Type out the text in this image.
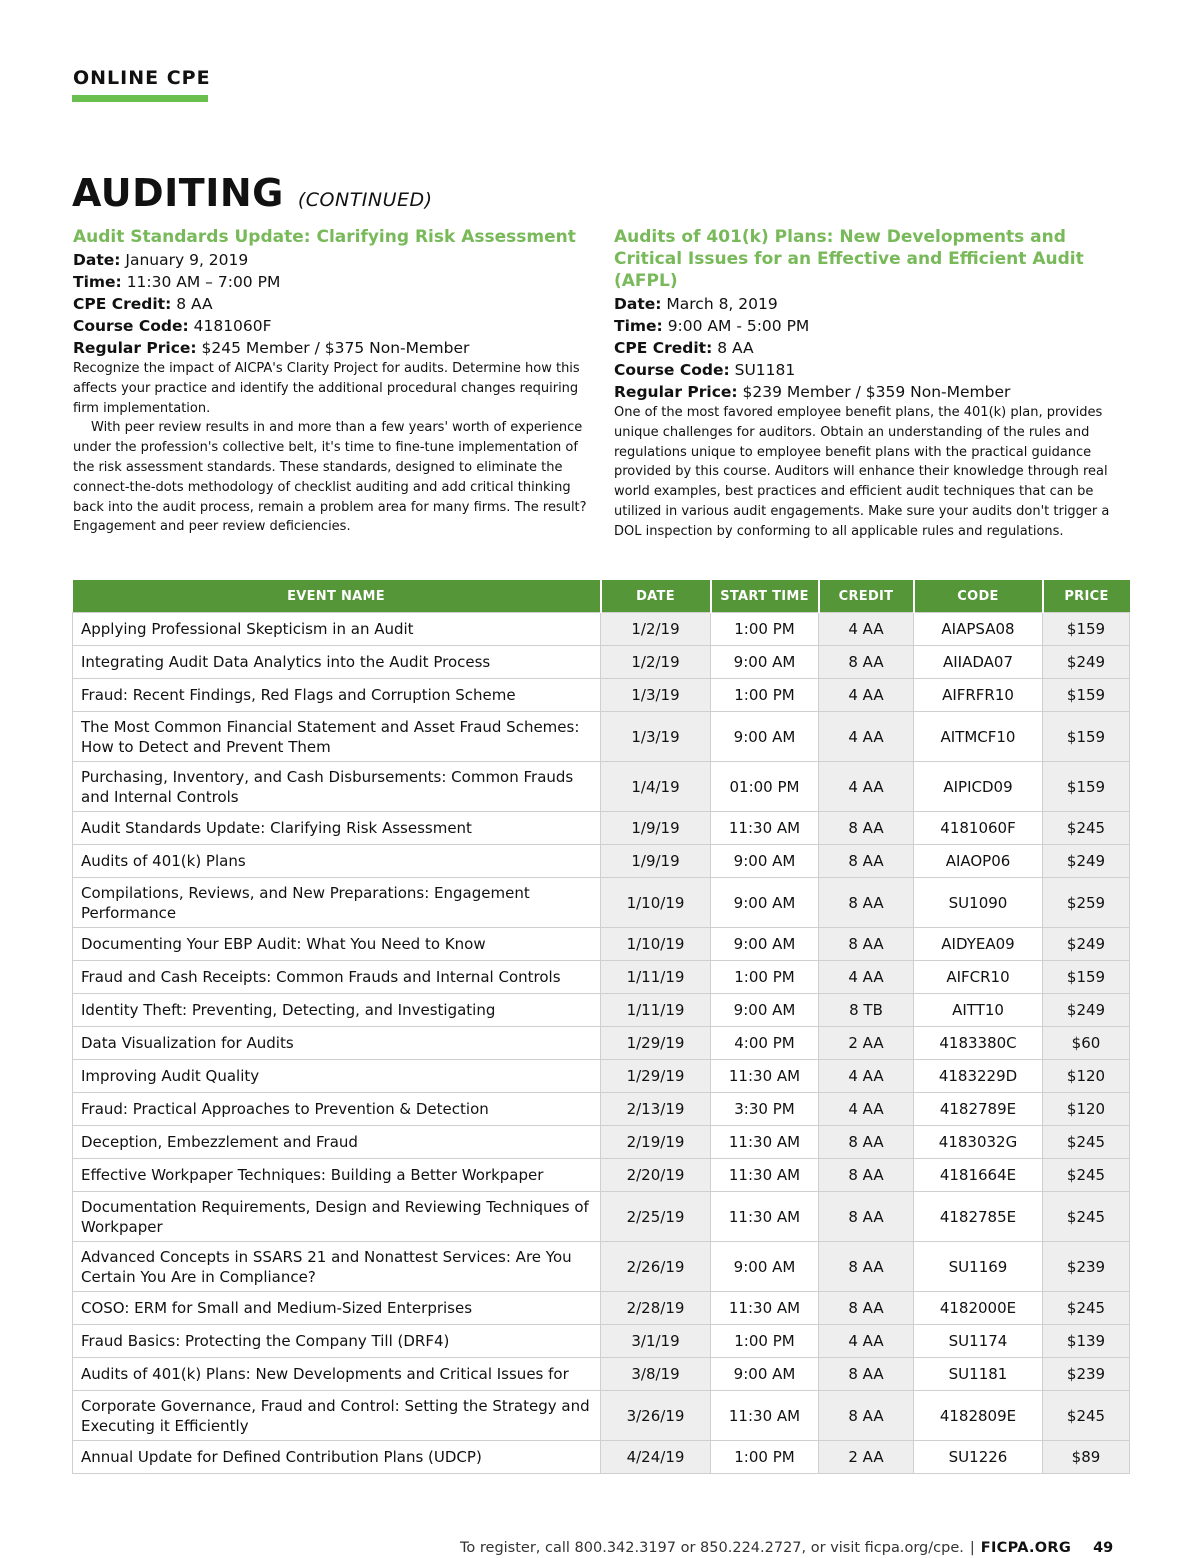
ONLINE CPE
AUDITING (CONTINUED)
Audit Standards Update: Clarifying Risk Assessment
Date: January 9, 2019
Time: 11:30 AM – 7:00 PM
CPE Credit: 8 AA
Course Code: 4181060F
Regular Price: $245 Member / $375 Non-Member

Recognize the impact of AICPA's Clarity Project for audits. Determine how this affects your practice and identify the additional procedural changes requiring firm implementation.

With peer review results in and more than a few years' worth of experience under the profession's collective belt, it's time to fine-tune implementation of the risk assessment standards. These standards, designed to eliminate the connect-the-dots methodology of checklist auditing and add critical thinking back into the audit process, remain a problem area for many firms. The result? Engagement and peer review deficiencies.

Audits of 401(k) Plans: New Developments and Critical Issues for an Effective and Efficient Audit (AFPL)
Date: March 8, 2019
Time: 9:00 AM - 5:00 PM
CPE Credit: 8 AA
Course Code: SU1181
Regular Price: $239 Member / $359 Non-Member

One of the most favored employee benefit plans, the 401(k) plan, provides unique challenges for auditors. Obtain an understanding of the rules and regulations unique to employee benefit plans with the practical guidance provided by this course. Auditors will enhance their knowledge through real world examples, best practices and efficient audit techniques that can be utilized in various audit engagements. Make sure your audits don't trigger a DOL inspection by conforming to all applicable rules and regulations.

EVENT NAME	DATE	START TIME	CREDIT	CODE	PRICE
Applying Professional Skepticism in an Audit	1/2/19	1:00 PM	4 AA	AIAPSA08	$159
Integrating Audit Data Analytics into the Audit Process	1/2/19	9:00 AM	8 AA	AIIADA07	$249
Fraud: Recent Findings, Red Flags and Corruption Scheme	1/3/19	1:00 PM	4 AA	AIFRFR10	$159
The Most Common Financial Statement and Asset Fraud Schemes: How to Detect and Prevent Them	1/3/19	9:00 AM	4 AA	AITMCF10	$159
Purchasing, Inventory, and Cash Disbursements: Common Frauds and Internal Controls	1/4/19	01:00 PM	4 AA	AIPICD09	$159
Audit Standards Update: Clarifying Risk Assessment	1/9/19	11:30 AM	8 AA	4181060F	$245
Audits of 401(k) Plans	1/9/19	9:00 AM	8 AA	AIAOP06	$249
Compilations, Reviews, and New Preparations: Engagement Performance	1/10/19	9:00 AM	8 AA	SU1090	$259
Documenting Your EBP Audit: What You Need to Know	1/10/19	9:00 AM	8 AA	AIDYEA09	$249
Fraud and Cash Receipts: Common Frauds and Internal Controls	1/11/19	1:00 PM	4 AA	AIFCR10	$159
Identity Theft: Preventing, Detecting, and Investigating	1/11/19	9:00 AM	8 TB	AITT10	$249
Data Visualization for Audits	1/29/19	4:00 PM	2 AA	4183380C	$60
Improving Audit Quality	1/29/19	11:30 AM	4 AA	4183229D	$120
Fraud: Practical Approaches to Prevention & Detection	2/13/19	3:30 PM	4 AA	4182789E	$120
Deception, Embezzlement and Fraud	2/19/19	11:30 AM	8 AA	4183032G	$245
Effective Workpaper Techniques: Building a Better Workpaper	2/20/19	11:30 AM	8 AA	4181664E	$245
Documentation Requirements, Design and Reviewing Techniques of Workpaper	2/25/19	11:30 AM	8 AA	4182785E	$245
Advanced Concepts in SSARS 21 and Nonattest Services: Are You Certain You Are in Compliance?	2/26/19	9:00 AM	8 AA	SU1169	$239
COSO: ERM for Small and Medium-Sized Enterprises	2/28/19	11:30 AM	8 AA	4182000E	$245
Fraud Basics: Protecting the Company Till (DRF4)	3/1/19	1:00 PM	4 AA	SU1174	$139
Audits of 401(k) Plans: New Developments and Critical Issues for	3/8/19	9:00 AM	8 AA	SU1181	$239
Corporate Governance, Fraud and Control: Setting the Strategy and Executing it Efficiently	3/26/19	11:30 AM	8 AA	4182809E	$245
Annual Update for Defined Contribution Plans (UDCP)	4/24/19	1:00 PM	2 AA	SU1226	$89
To register, call 800.342.3197 or 850.224.2727, or visit ficpa.org/cpe. | FICPA.ORG 49
